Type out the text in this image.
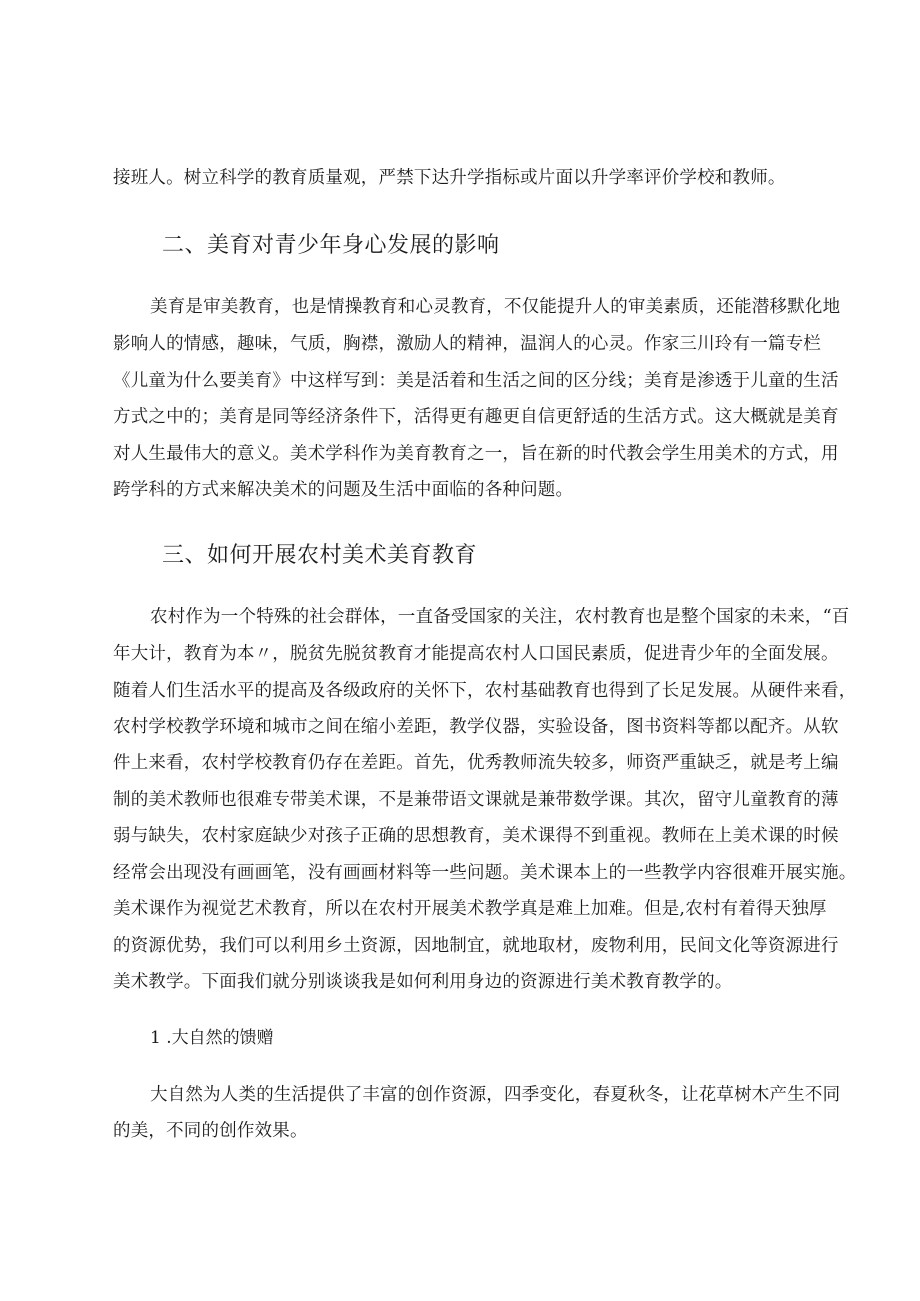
接班人。树立科学的教育质量观，严禁下达升学指标或片面以升学率评价学校和教师。
二、美育对青少年身心发展的影响
美育是审美教育，也是情操教育和心灵教育，不仅能提升人的审美素质，还能潜移默化地
影响人的情感，趣味，气质，胸襟，激励人的精神，温润人的心灵。作家三川玲有一篇专栏
《儿童为什么要美育》中这样写到：美是活着和生活之间的区分线；美育是渗透于儿童的生活
方式之中的；美育是同等经济条件下，活得更有趣更自信更舒适的生活方式。这大概就是美育
对人生最伟大的意义。美术学科作为美育教育之一，旨在新的时代教会学生用美术的方式，用
跨学科的方式来解决美术的问题及生活中面临的各种问题。
三、如何开展农村美术美育教育
农村作为一个特殊的社会群体，一直备受国家的关注，农村教育也是整个国家的未来，“百
年大计，教育为本〃，脱贫先脱贫教育才能提高农村人口国民素质，促进青少年的全面发展。
随着人们生活水平的提高及各级政府的关怀下，农村基础教育也得到了长足发展。从硬件来看，
农村学校教学环境和城市之间在缩小差距，教学仪器，实验设备，图书资料等都以配齐。从软
件上来看，农村学校教育仍存在差距。首先，优秀教师流失较多，师资严重缺乏，就是考上编
制的美术教师也很难专带美术课，不是兼带语文课就是兼带数学课。其次，留守儿童教育的薄
弱与缺失，农村家庭缺少对孩子正确的思想教育，美术课得不到重视。教师在上美术课的时候
经常会出现没有画画笔，没有画画材料等一些问题。美术课本上的一些教学内容很难开展实施。
美术课作为视觉艺术教育，所以在农村开展美术教学真是难上加难。但是,农村有着得天独厚
的资源优势，我们可以利用乡土资源，因地制宜，就地取材，废物利用，民间文化等资源进行
美术教学。下面我们就分别谈谈我是如何利用身边的资源进行美术教育教学的。
1 .大自然的馈赠
大自然为人类的生活提供了丰富的创作资源，四季变化，春夏秋冬，让花草树木产生不同
的美，不同的创作效果。
